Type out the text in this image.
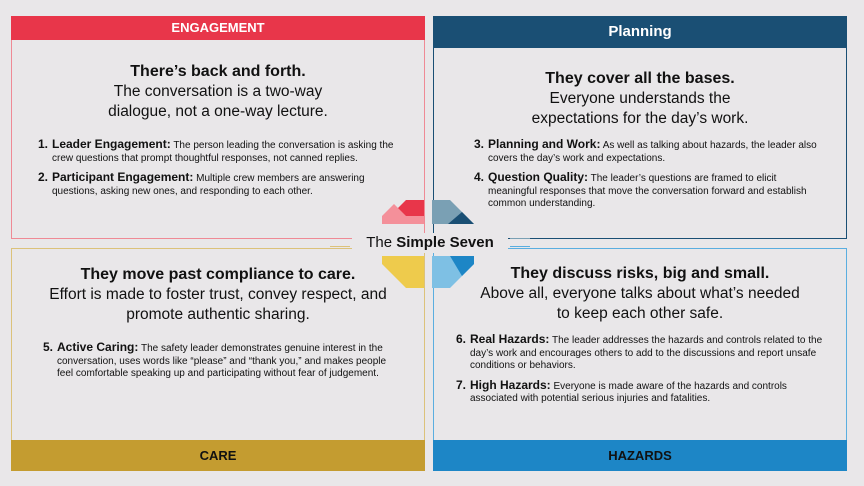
ENGAGEMENT
There’s back and forth.
The conversation is a two-way dialogue, not a one-way lecture.
1. Leader Engagement: The person leading the conversation is asking the crew questions that prompt thoughtful responses, not canned replies.
2. Participant Engagement: Multiple crew members are answering questions, asking new ones, and responding to each other.
Planning
They cover all the bases.
Everyone understands the expectations for the day’s work.
3. Planning and Work: As well as talking about hazards, the leader also covers the day’s work and expectations.
4. Question Quality: The leader’s questions are framed to elicit meaningful responses that move the conversation forward and establish common understanding.
They move past compliance to care.
Effort is made to foster trust, convey respect, and promote authentic sharing.
5. Active Caring: The safety leader demonstrates genuine interest in the conversation, uses words like “please” and “thank you,” and makes people feel comfortable speaking up and participating without fear of judgement.
CARE
They discuss risks, big and small.
Above all, everyone talks about what’s needed to keep each other safe.
6. Real Hazards: The leader addresses the hazards and controls related to the day’s work and encourages others to add to the discussions and report unsafe conditions or behaviors.
7. High Hazards: Everyone is made aware of the hazards and controls associated with potential serious injuries and fatalities.
HAZARDS
The Simple Seven
